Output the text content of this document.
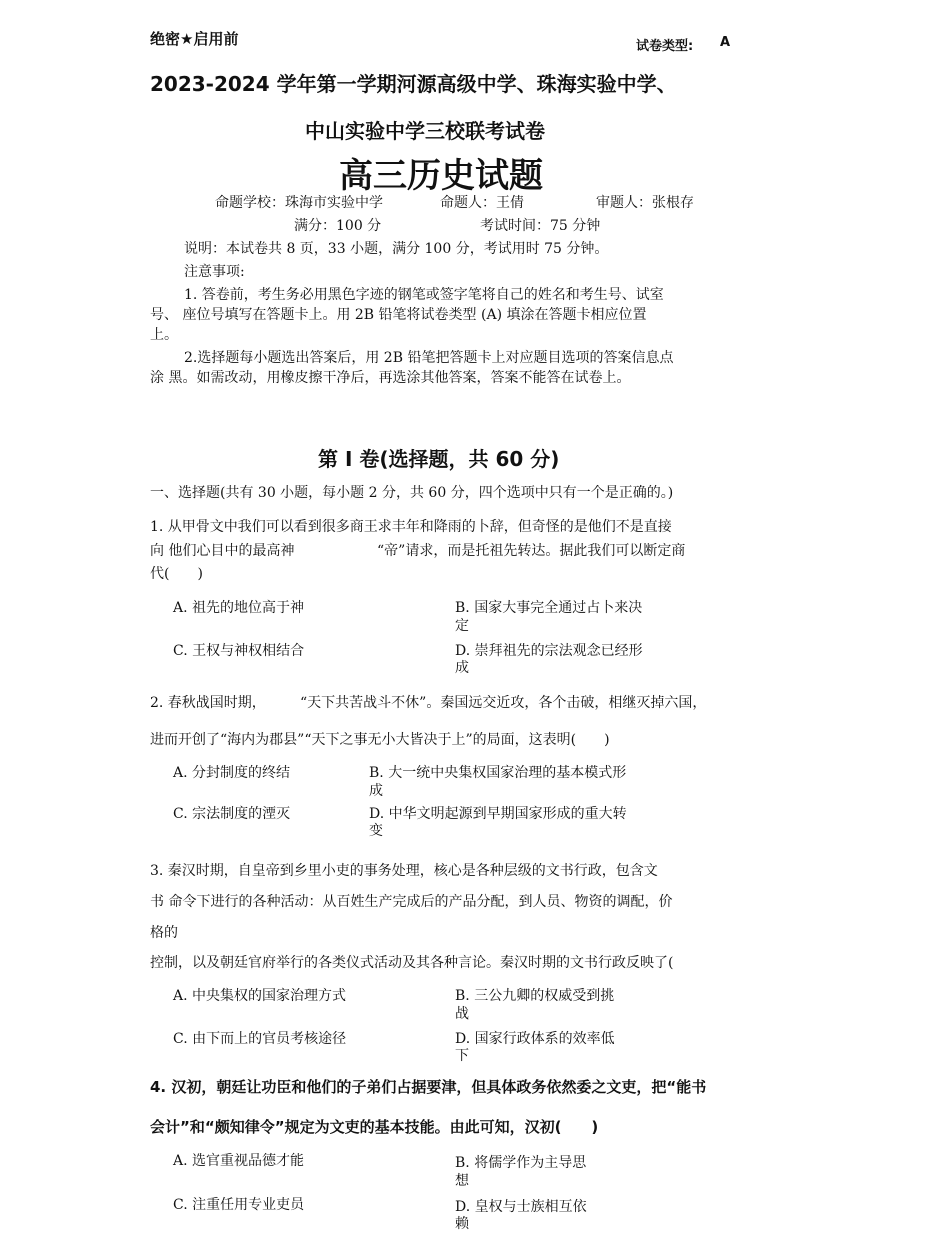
绝密★启用前	试卷类型: A
2023-2024 学年第一学期河源高级中学、珠海实验中学、
中山实验中学三校联考试卷
高三历史试题
命题学校：珠海市实验中学	命题人：王倩	审题人：张根存
满分：100 分	考试时间：75 分钟
说明：本试卷共 8 页，33 小题，满分 100 分，考试用时 75 分钟。
注意事项:
1. 答卷前，考生务必用黑色字迹的钢笔或签字笔将自己的姓名和考生号、试室
号、 座位号填写在答题卡上。用 2B 铅笔将试卷类型 (A) 填涂在答题卡相应位置
上。
2.选择题每小题选出答案后，用 2B 铅笔把答题卡上对应题目选项的答案信息点
涂 黑。如需改动，用橡皮擦干净后，再选涂其他答案，答案不能答在试卷上。
第 I 卷(选择题，共 60 分)
一、选择题(共有 30 小题，每小题 2 分，共 60 分，四个选项中只有一个是正确的。)
1. 从甲骨文中我们可以看到很多商王求丰年和降雨的卜辞，但奇怪的是他们不是直接
向 他们心目中的最高神	“帝”请求，而是托祖先转达。据此我们可以断定商
代(　　)
A. 祖先的地位高于神	B. 国家大事完全通过占卜来决
定
C. 王权与神权相结合	D. 崇拜祖先的宗法观念已经形
成
2. 春秋战国时期， “天下共苦战斗不休”。秦国远交近攻，各个击破，相继灭掉六国，
进而开创了“海内为郡县”“天下之事无小大皆决于上”的局面，这表明(　　)
A. 分封制度的终结	B. 大一统中央集权国家治理的基本模式形
成
C. 宗法制度的湮灭	D. 中华文明起源到早期国家形成的重大转
变
3. 秦汉时期，自皇帝到乡里小吏的事务处理，核心是各种层级的文书行政，包含文
书 命令下进行的各种活动：从百姓生产完成后的产品分配，到人员、物资的调配，价
格的
控制，以及朝廷官府举行的各类仪式活动及其各种言论。秦汉时期的文书行政反映了(
A. 中央集权的国家治理方式	B. 三公九卿的权威受到挑
战
C. 由下而上的官员考核途径	D. 国家行政体系的效率低
下
4. 汉初，朝廷让功臣和他们的子弟们占据要津，但具体政务依然委之文吏，把“能书
会计”和“颇知律令”规定为文吏的基本技能。由此可知，汉初(　　)
A. 选官重视品德才能	B. 将儒学作为主导思
想
C. 注重任用专业吏员	D. 皇权与士族相互依
赖
